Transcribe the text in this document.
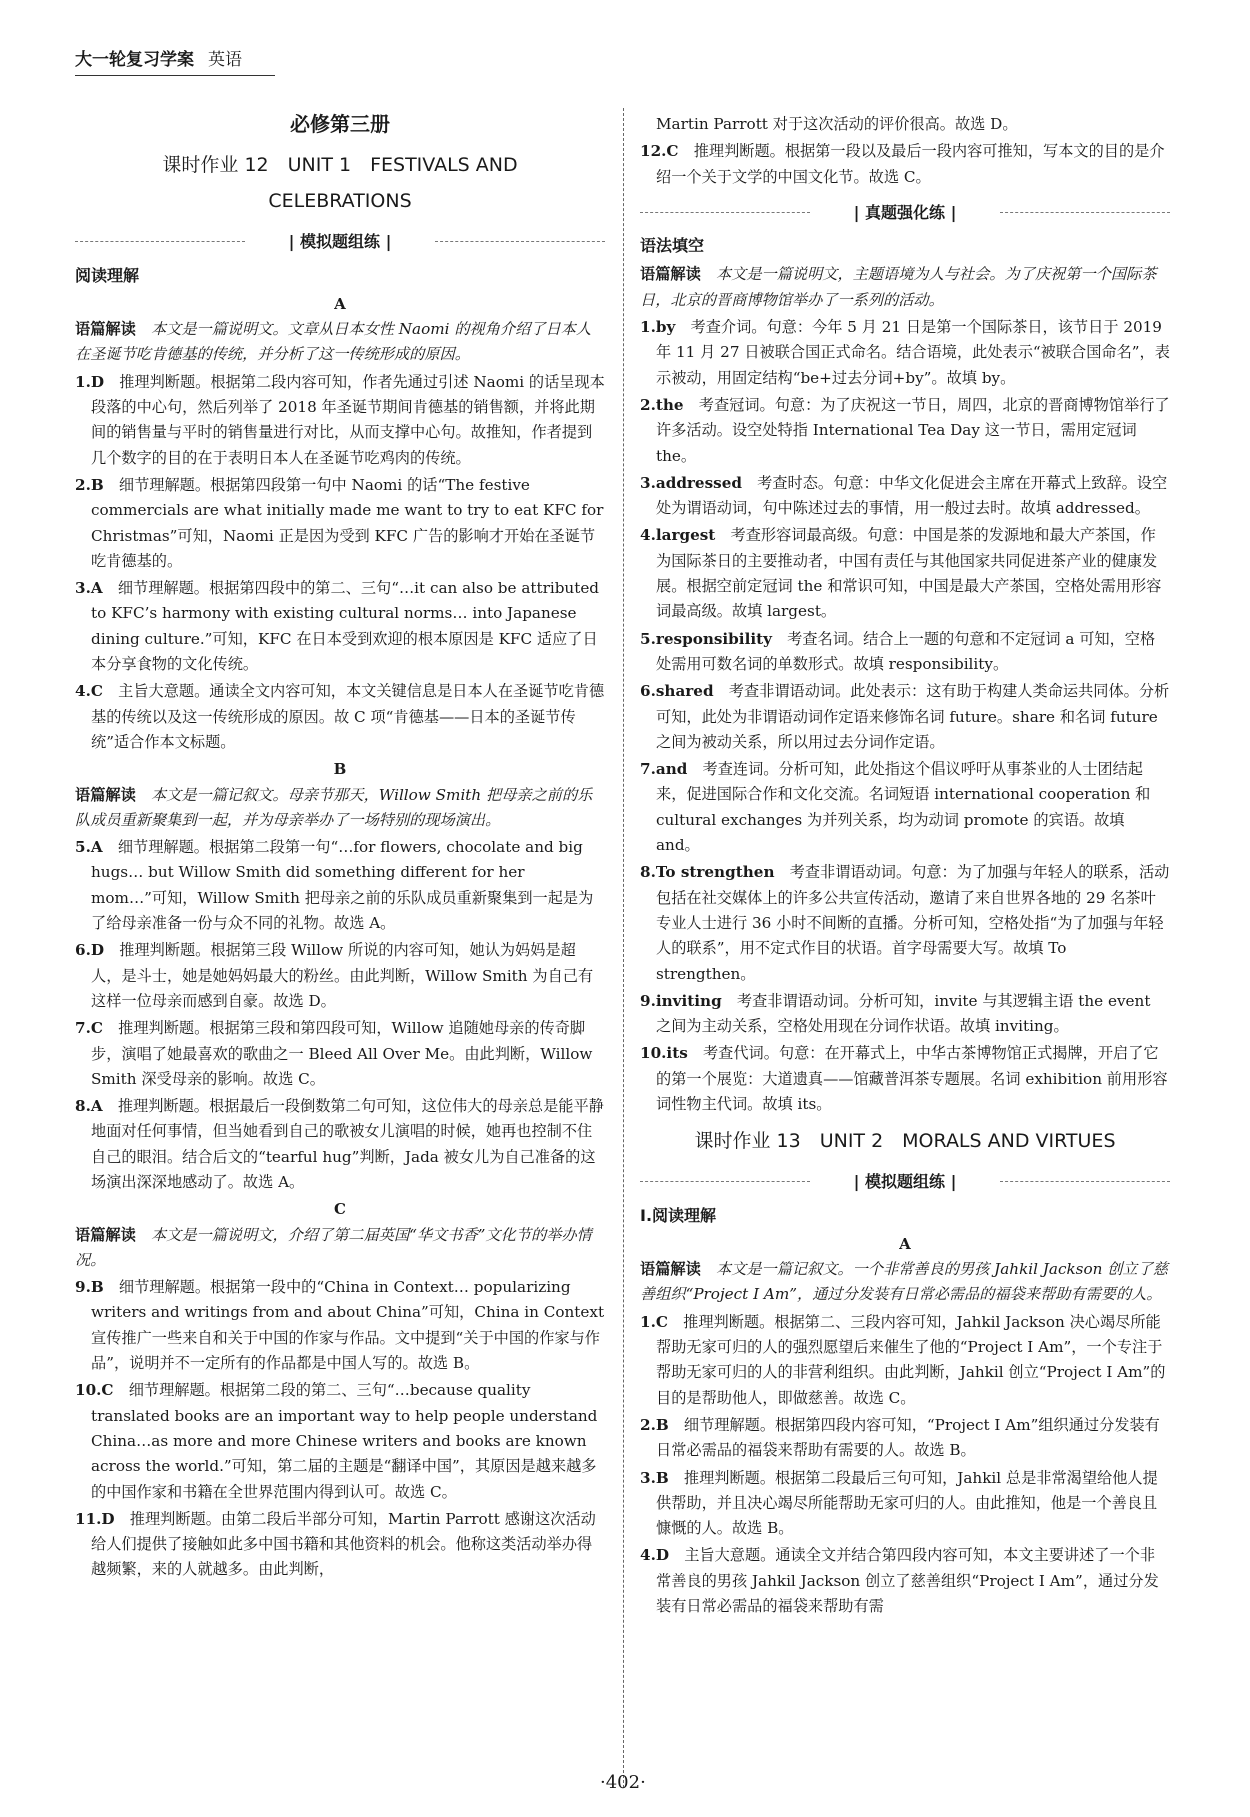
大一轮复习学案 英语
必修第三册
课时作业 12　UNIT 1　FESTIVALS AND
CELEBRATIONS
| 模拟题组练 |
阅读理解
A
语篇解读　 本文是一篇说明文。文章从日本女性 Naomi 的视角介绍了日本人在圣诞节吃肯德基的传统，并分析了这一传统形成的原因。
1.D　 推理判断题。根据第二段内容可知，作者先通过引述 Naomi 的话呈现本段落的中心句，然后列举了 2018 年圣诞节期间肯德基的销售额，并将此期间的销售量与平时的销售量进行对比，从而支撑中心句。故推知，作者提到几个数字的目的在于表明日本人在圣诞节吃鸡肉的传统。
2.B　 细节理解题。根据第四段第一句中 Naomi 的话“The festive commercials are what initially made me want to try to eat KFC for Christmas”可知，Naomi 正是因为受到 KFC 广告的影响才开始在圣诞节吃肯德基的。
3.A　 细节理解题。根据第四段中的第二、三句“…it can also be attributed to KFC’s harmony with existing cultural norms… into Japanese dining culture.”可知，KFC 在日本受到欢迎的根本原因是 KFC 适应了日本分享食物的文化传统。
4.C　 主旨大意题。通读全文内容可知，本文关键信息是日本人在圣诞节吃肯德基的传统以及这一传统形成的原因。故 C 项“肯德基——日本的圣诞节传统”适合作本文标题。
B
语篇解读　 本文是一篇记叙文。母亲节那天，Willow Smith 把母亲之前的乐队成员重新聚集到一起，并为母亲举办了一场特别的现场演出。
5.A　 细节理解题。根据第二段第一句“…for flowers, chocolate and big hugs… but Willow Smith did something different for her mom…”可知，Willow Smith 把母亲之前的乐队成员重新聚集到一起是为了给母亲准备一份与众不同的礼物。故选 A。
6.D　 推理判断题。根据第三段 Willow 所说的内容可知，她认为妈妈是超人，是斗士，她是她妈妈最大的粉丝。由此判断，Willow Smith 为自己有这样一位母亲而感到自豪。故选 D。
7.C　 推理判断题。根据第三段和第四段可知，Willow 追随她母亲的传奇脚步，演唱了她最喜欢的歌曲之一 Bleed All Over Me。由此判断，Willow Smith 深受母亲的影响。故选 C。
8.A　 推理判断题。根据最后一段倒数第二句可知，这位伟大的母亲总是能平静地面对任何事情，但当她看到自己的歌被女儿演唱的时候，她再也控制不住自己的眼泪。结合后文的“tearful hug”判断，Jada 被女儿为自己准备的这场演出深深地感动了。故选 A。
C
语篇解读　 本文是一篇说明文，介绍了第二届英国“华文书香”文化节的举办情况。
9.B　 细节理解题。根据第一段中的“China in Context… popularizing writers and writings from and about China”可知，China in Context 宣传推广一些来自和关于中国的作家与作品。文中提到“关于中国的作家与作品”，说明并不一定所有的作品都是中国人写的。故选 B。
10.C　 细节理解题。根据第二段的第二、三句“…because quality translated books are an important way to help people understand China…as more and more Chinese writers and books are known across the world.”可知，第二届的主题是“翻译中国”，其原因是越来越多的中国作家和书籍在全世界范围内得到认可。故选 C。
11.D　 推理判断题。由第二段后半部分可知，Martin Parrott 感谢这次活动给人们提供了接触如此多中国书籍和其他资料的机会。他称这类活动举办得越频繁，来的人就越多。由此判断，
Martin Parrott 对于这次活动的评价很高。故选 D。
12.C　 推理判断题。根据第一段以及最后一段内容可推知，写本文的目的是介绍一个关于文学的中国文化节。故选 C。
| 真题强化练 |
语法填空
语篇解读　 本文是一篇说明文，主题语境为人与社会。为了庆祝第一个国际茶日，北京的晋商博物馆举办了一系列的活动。
1.by　 考查介词。句意：今年 5 月 21 日是第一个国际茶日，该节日于 2019 年 11 月 27 日被联合国正式命名。结合语境，此处表示“被联合国命名”，表示被动，用固定结构“be+过去分词+by”。故填 by。
2.the　 考查冠词。句意：为了庆祝这一节日，周四，北京的晋商博物馆举行了许多活动。设空处特指 International Tea Day 这一节日，需用定冠词 the。
3.addressed　 考查时态。句意：中华文化促进会主席在开幕式上致辞。设空处为谓语动词，句中陈述过去的事情，用一般过去时。故填 addressed。
4.largest　 考查形容词最高级。句意：中国是茶的发源地和最大产茶国，作为国际茶日的主要推动者，中国有责任与其他国家共同促进茶产业的健康发展。根据空前定冠词 the 和常识可知，中国是最大产茶国，空格处需用形容词最高级。故填 largest。
5.responsibility　 考查名词。结合上一题的句意和不定冠词 a 可知，空格处需用可数名词的单数形式。故填 responsibility。
6.shared　 考查非谓语动词。此处表示：这有助于构建人类命运共同体。分析可知，此处为非谓语动词作定语来修饰名词 future。share 和名词 future 之间为被动关系，所以用过去分词作定语。
7.and　 考查连词。分析可知，此处指这个倡议呼吁从事茶业的人士团结起来，促进国际合作和文化交流。名词短语 international cooperation 和 cultural exchanges 为并列关系，均为动词 promote 的宾语。故填 and。
8.To strengthen　 考查非谓语动词。句意：为了加强与年轻人的联系，活动包括在社交媒体上的许多公共宣传活动，邀请了来自世界各地的 29 名茶叶专业人士进行 36 小时不间断的直播。分析可知，空格处指“为了加强与年轻人的联系”，用不定式作目的状语。首字母需要大写。故填 To strengthen。
9.inviting　 考查非谓语动词。分析可知，invite 与其逻辑主语 the event 之间为主动关系，空格处用现在分词作状语。故填 inviting。
10.its　 考查代词。句意：在开幕式上，中华古茶博物馆正式揭牌，开启了它的第一个展览：大道遗真——馆藏普洱茶专题展。名词 exhibition 前用形容词性物主代词。故填 its。
课时作业 13　UNIT 2　MORALS AND VIRTUES
| 模拟题组练 |
Ⅰ.阅读理解
A
语篇解读　 本文是一篇记叙文。一个非常善良的男孩 Jahkil Jackson 创立了慈善组织“Project I Am”，通过分发装有日常必需品的福袋来帮助有需要的人。
1.C　 推理判断题。根据第二、三段内容可知，Jahkil Jackson 决心竭尽所能帮助无家可归的人的强烈愿望后来催生了他的“Project I Am”，一个专注于帮助无家可归的人的非营利组织。由此判断，Jahkil 创立“Project I Am”的目的是帮助他人，即做慈善。故选 C。
2.B　 细节理解题。根据第四段内容可知，“Project I Am”组织通过分发装有日常必需品的福袋来帮助有需要的人。故选 B。
3.B　 推理判断题。根据第二段最后三句可知，Jahkil 总是非常渴望给他人提供帮助，并且决心竭尽所能帮助无家可归的人。由此推知，他是一个善良且慷慨的人。故选 B。
4.D　 主旨大意题。通读全文并结合第四段内容可知，本文主要讲述了一个非常善良的男孩 Jahkil Jackson 创立了慈善组织“Project I Am”，通过分发装有日常必需品的福袋来帮助有需
·402·
